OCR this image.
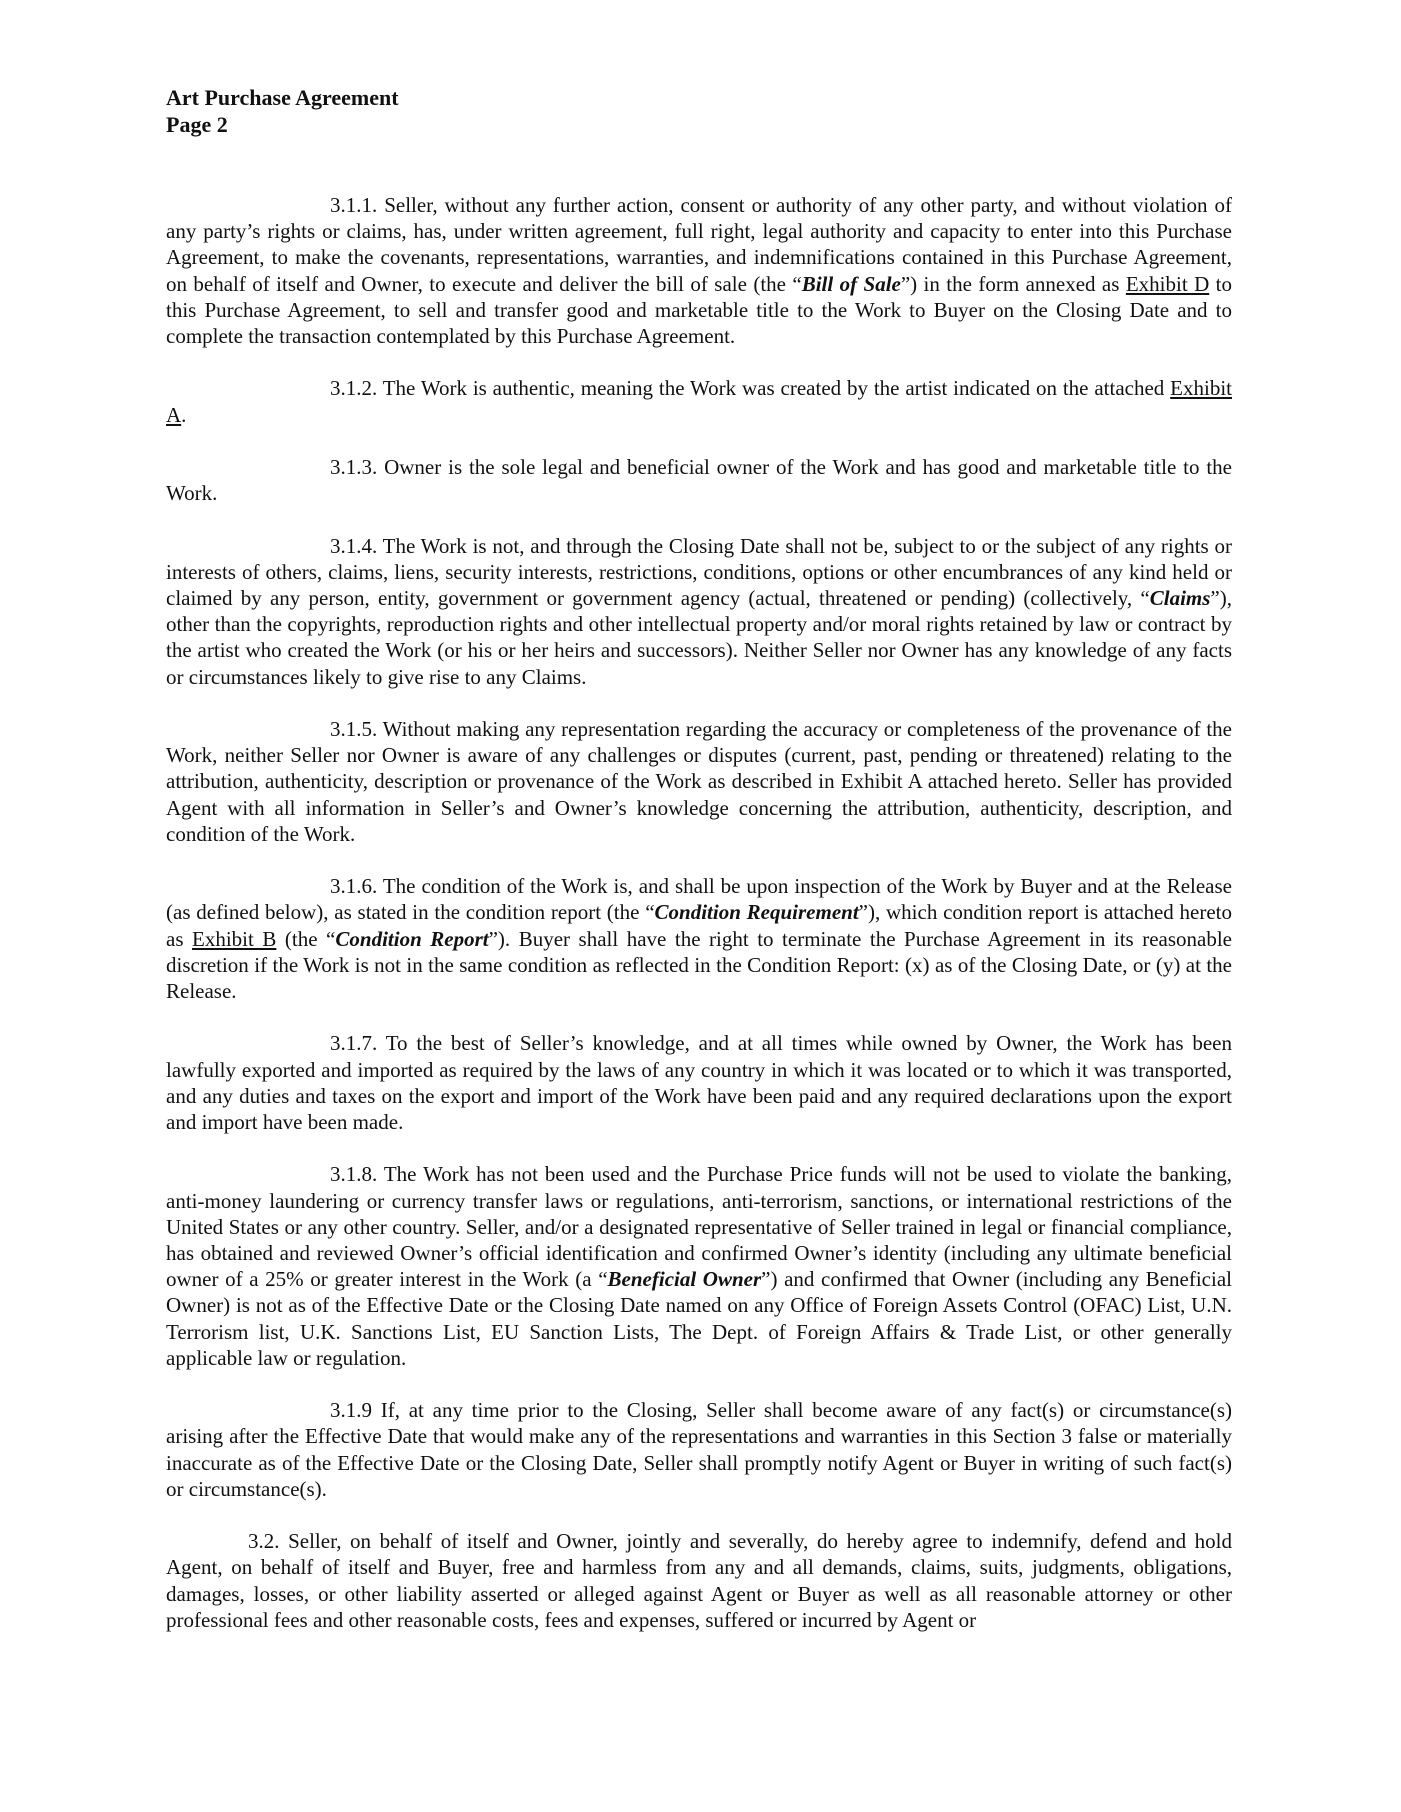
Art Purchase Agreement
Page 2

3.1.1. Seller, without any further action, consent or authority of any other party, and without violation of any party’s rights or claims, has, under written agreement, full right, legal authority and capacity to enter into this Purchase Agreement, to make the covenants, representations, warranties, and indemnifications contained in this Purchase Agreement, on behalf of itself and Owner, to execute and deliver the bill of sale (the “Bill of Sale”) in the form annexed as Exhibit D to this Purchase Agreement, to sell and transfer good and marketable title to the Work to Buyer on the Closing Date and to complete the transaction contemplated by this Purchase Agreement.

3.1.2. The Work is authentic, meaning the Work was created by the artist indicated on the attached Exhibit A.

3.1.3. Owner is the sole legal and beneficial owner of the Work and has good and marketable title to the Work.

3.1.4. The Work is not, and through the Closing Date shall not be, subject to or the subject of any rights or interests of others, claims, liens, security interests, restrictions, conditions, options or other encumbrances of any kind held or claimed by any person, entity, government or government agency (actual, threatened or pending) (collectively, “Claims”), other than the copyrights, reproduction rights and other intellectual property and/or moral rights retained by law or contract by the artist who created the Work (or his or her heirs and successors). Neither Seller nor Owner has any knowledge of any facts or circumstances likely to give rise to any Claims.

3.1.5. Without making any representation regarding the accuracy or completeness of the provenance of the Work, neither Seller nor Owner is aware of any challenges or disputes (current, past, pending or threatened) relating to the attribution, authenticity, description or provenance of the Work as described in Exhibit A attached hereto. Seller has provided Agent with all information in Seller’s and Owner’s knowledge concerning the attribution, authenticity, description, and condition of the Work.

3.1.6. The condition of the Work is, and shall be upon inspection of the Work by Buyer and at the Release (as defined below), as stated in the condition report (the “Condition Requirement”), which condition report is attached hereto as Exhibit B (the “Condition Report”). Buyer shall have the right to terminate the Purchase Agreement in its reasonable discretion if the Work is not in the same condition as reflected in the Condition Report: (x) as of the Closing Date, or (y) at the Release.

3.1.7. To the best of Seller’s knowledge, and at all times while owned by Owner, the Work has been lawfully exported and imported as required by the laws of any country in which it was located or to which it was transported, and any duties and taxes on the export and import of the Work have been paid and any required declarations upon the export and import have been made.

3.1.8. The Work has not been used and the Purchase Price funds will not be used to violate the banking, anti-money laundering or currency transfer laws or regulations, anti-terrorism, sanctions, or international restrictions of the United States or any other country. Seller, and/or a designated representative of Seller trained in legal or financial compliance, has obtained and reviewed Owner’s official identification and confirmed Owner’s identity (including any ultimate beneficial owner of a 25% or greater interest in the Work (a “Beneficial Owner”) and confirmed that Owner (including any Beneficial Owner) is not as of the Effective Date or the Closing Date named on any Office of Foreign Assets Control (OFAC) List, U.N. Terrorism list, U.K. Sanctions List, EU Sanction Lists, The Dept. of Foreign Affairs & Trade List, or other generally applicable law or regulation.

3.1.9 If, at any time prior to the Closing, Seller shall become aware of any fact(s) or circumstance(s) arising after the Effective Date that would make any of the representations and warranties in this Section 3 false or materially inaccurate as of the Effective Date or the Closing Date, Seller shall promptly notify Agent or Buyer in writing of such fact(s) or circumstance(s).

3.2. Seller, on behalf of itself and Owner, jointly and severally, do hereby agree to indemnify, defend and hold Agent, on behalf of itself and Buyer, free and harmless from any and all demands, claims, suits, judgments, obligations, damages, losses, or other liability asserted or alleged against Agent or Buyer as well as all reasonable attorney or other professional fees and other reasonable costs, fees and expenses, suffered or incurred by Agent or
